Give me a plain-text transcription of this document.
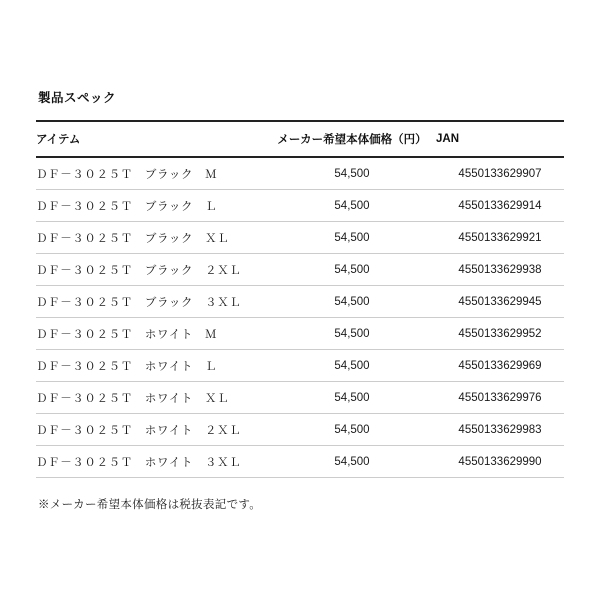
製品スペック
アイテム	メーカー希望本体価格（円）	JAN
ＤＦ－３０２５Ｔ　ブラック　Ｍ	54,500	4550133629907
ＤＦ－３０２５Ｔ　ブラック　Ｌ	54,500	4550133629914
ＤＦ－３０２５Ｔ　ブラック　ＸＬ	54,500	4550133629921
ＤＦ－３０２５Ｔ　ブラック　２ＸＬ	54,500	4550133629938
ＤＦ－３０２５Ｔ　ブラック　３ＸＬ	54,500	4550133629945
ＤＦ－３０２５Ｔ　ホワイト　Ｍ	54,500	4550133629952
ＤＦ－３０２５Ｔ　ホワイト　Ｌ	54,500	4550133629969
ＤＦ－３０２５Ｔ　ホワイト　ＸＬ	54,500	4550133629976
ＤＦ－３０２５Ｔ　ホワイト　２ＸＬ	54,500	4550133629983
ＤＦ－３０２５Ｔ　ホワイト　３ＸＬ	54,500	4550133629990
※メーカー希望本体価格は税抜表記です。
